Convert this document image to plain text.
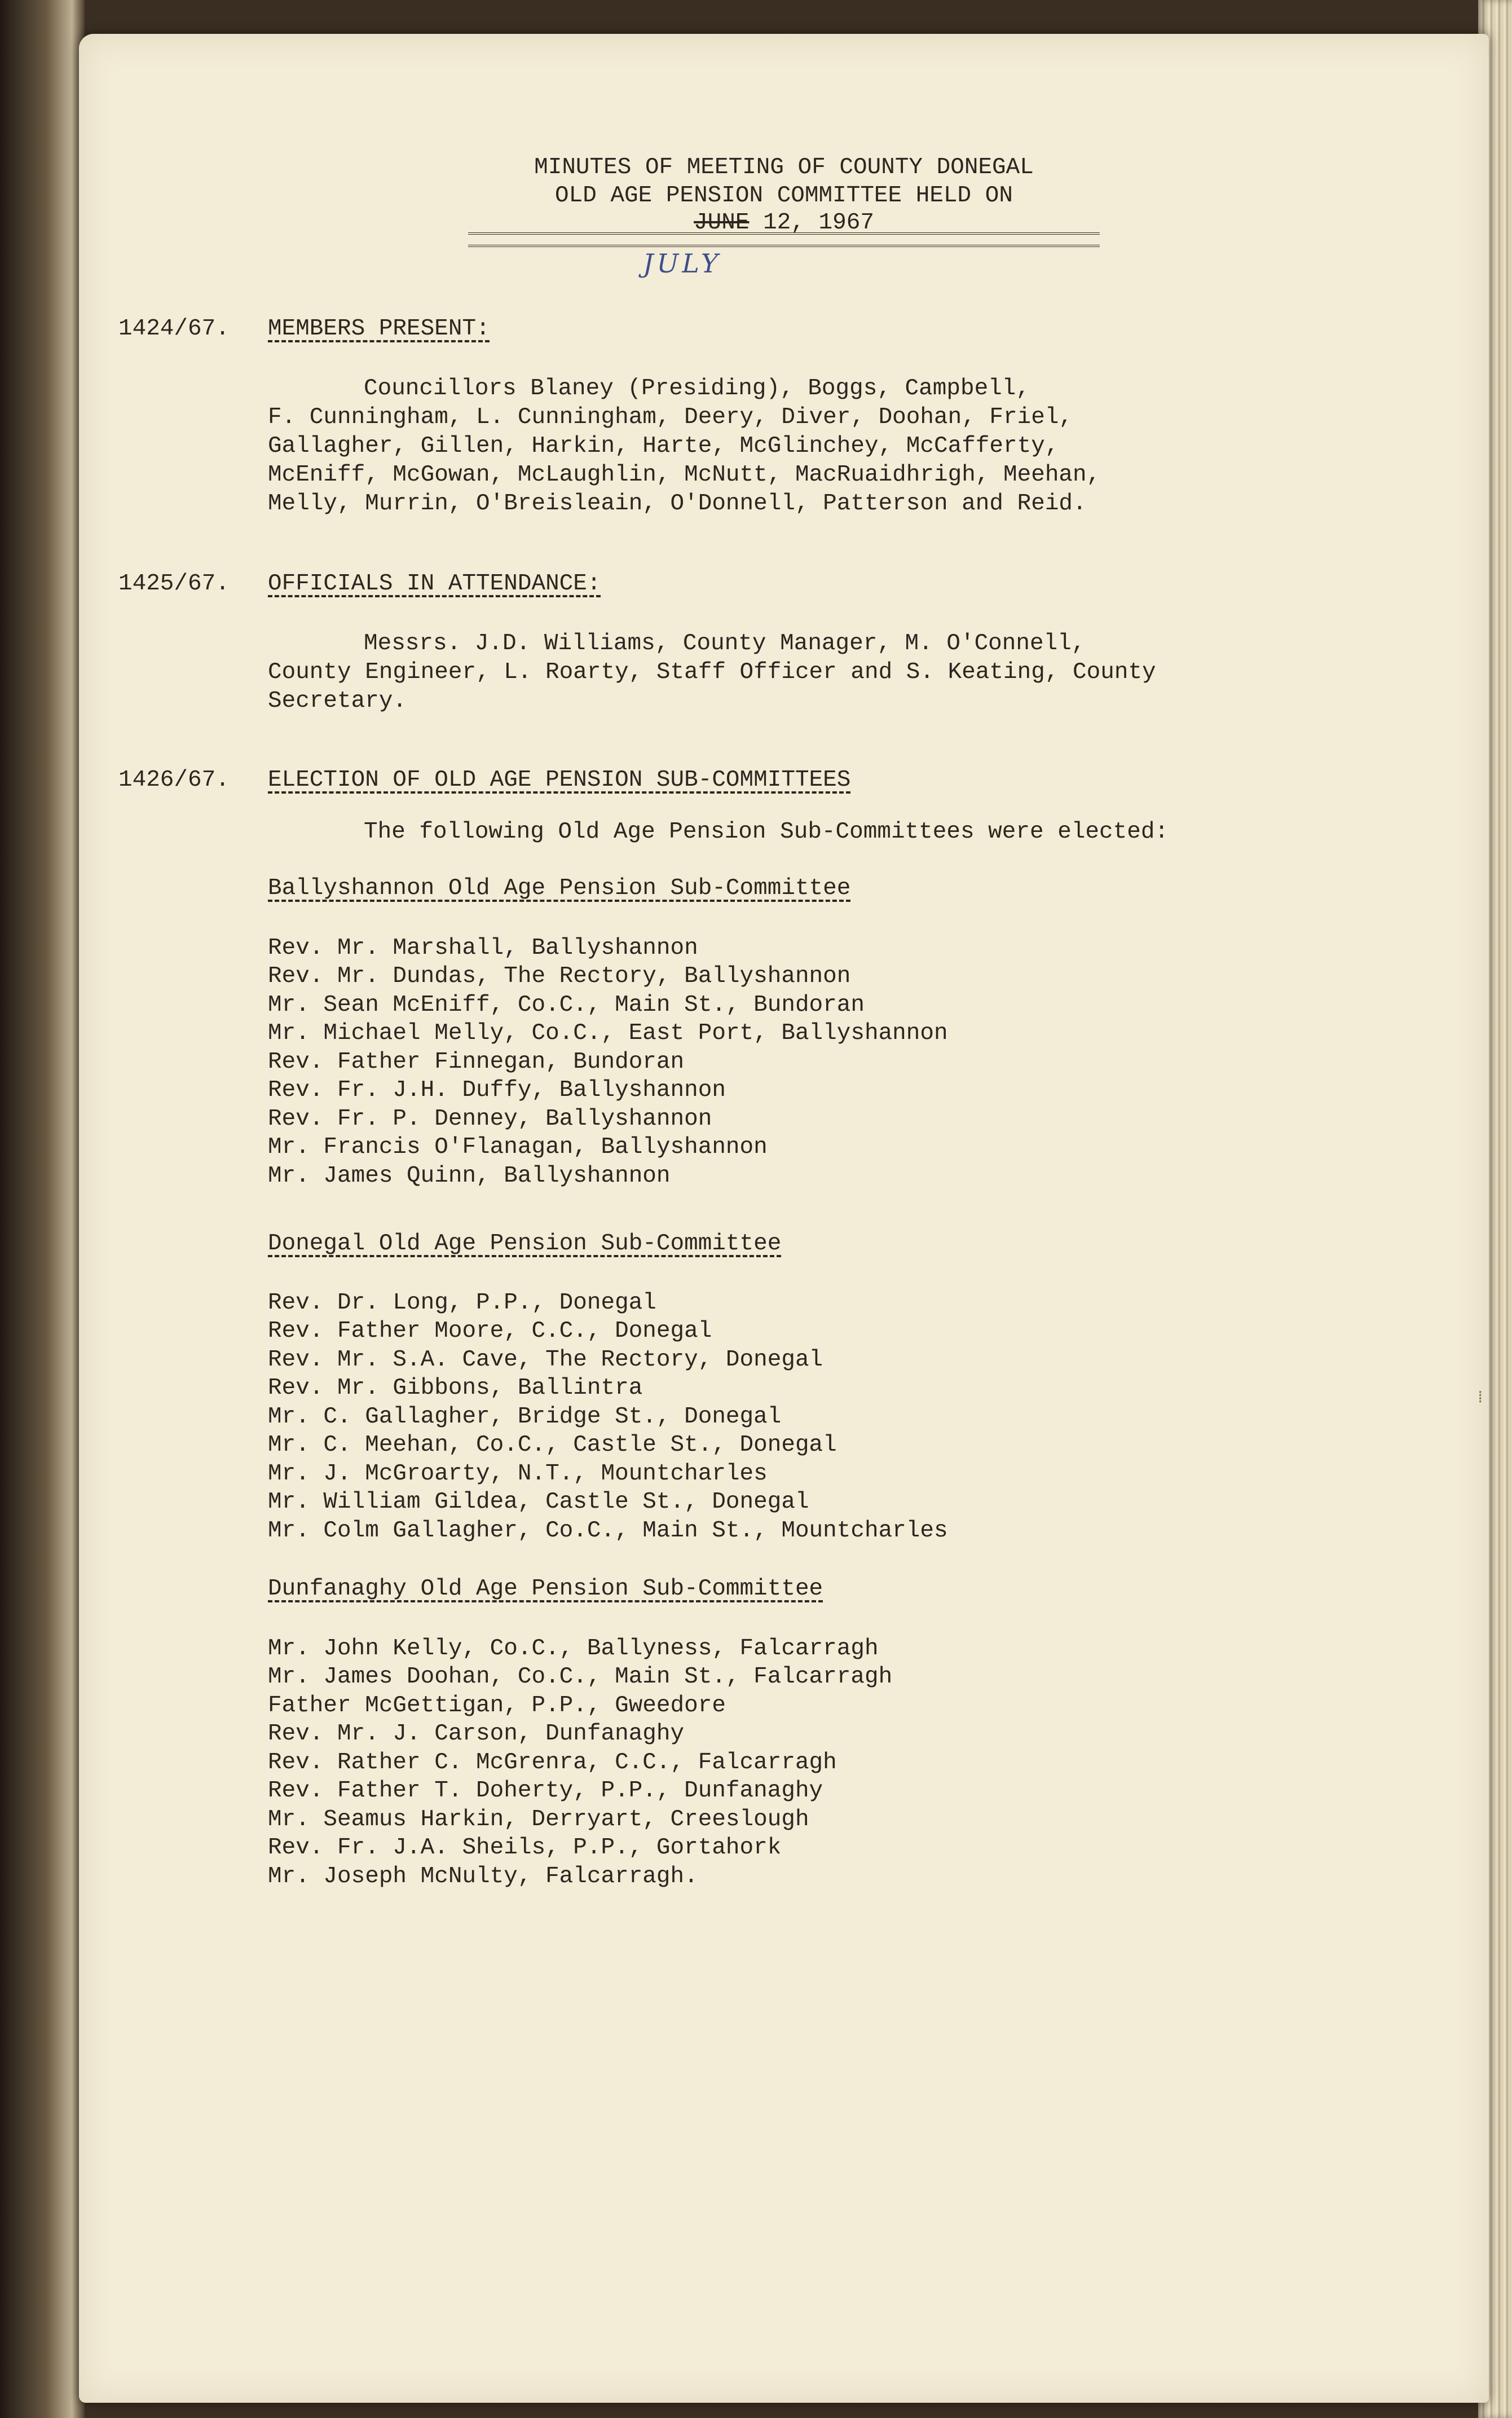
MINUTES OF MEETING OF COUNTY DONEGAL
OLD AGE PENSION COMMITTEE HELD ON
JUNE 12, 1967
JULY
⁞
1424/67. MEMBERS PRESENT:
Councillors Blaney (Presiding), Boggs, Campbell,
F. Cunningham, L. Cunningham, Deery, Diver, Doohan, Friel,
Gallagher, Gillen, Harkin, Harte, McGlinchey, McCafferty,
McEniff, McGowan, McLaughlin, McNutt, MacRuaidhrigh, Meehan,
Melly, Murrin, O'Breisleain, O'Donnell, Patterson and Reid.
1425/67. OFFICIALS IN ATTENDANCE:
Messrs. J.D. Williams, County Manager, M. O'Connell,
County Engineer, L. Roarty, Staff Officer and S. Keating, County
Secretary.
1426/67. ELECTION OF OLD AGE PENSION SUB-COMMITTEES
The following Old Age Pension Sub-Committees were elected:
Ballyshannon Old Age Pension Sub-Committee
Rev. Mr. Marshall, Ballyshannon
Rev. Mr. Dundas, The Rectory, Ballyshannon
Mr. Sean McEniff, Co.C., Main St., Bundoran
Mr. Michael Melly, Co.C., East Port, Ballyshannon
Rev. Father Finnegan, Bundoran
Rev. Fr. J.H. Duffy, Ballyshannon
Rev. Fr. P. Denney, Ballyshannon
Mr. Francis O'Flanagan, Ballyshannon
Mr. James Quinn, Ballyshannon
Donegal Old Age Pension Sub-Committee
Rev. Dr. Long, P.P., Donegal
Rev. Father Moore, C.C., Donegal
Rev. Mr. S.A. Cave, The Rectory, Donegal
Rev. Mr. Gibbons, Ballintra
Mr. C. Gallagher, Bridge St., Donegal
Mr. C. Meehan, Co.C., Castle St., Donegal
Mr. J. McGroarty, N.T., Mountcharles
Mr. William Gildea, Castle St., Donegal
Mr. Colm Gallagher, Co.C., Main St., Mountcharles
Dunfanaghy Old Age Pension Sub-Committee
Mr. John Kelly, Co.C., Ballyness, Falcarragh
Mr. James Doohan, Co.C., Main St., Falcarragh
Father McGettigan, P.P., Gweedore
Rev. Mr. J. Carson, Dunfanaghy
Rev. Rather C. McGrenra, C.C., Falcarragh
Rev. Father T. Doherty, P.P., Dunfanaghy
Mr. Seamus Harkin, Derryart, Creeslough
Rev. Fr. J.A. Sheils, P.P., Gortahork
Mr. Joseph McNulty, Falcarragh.
